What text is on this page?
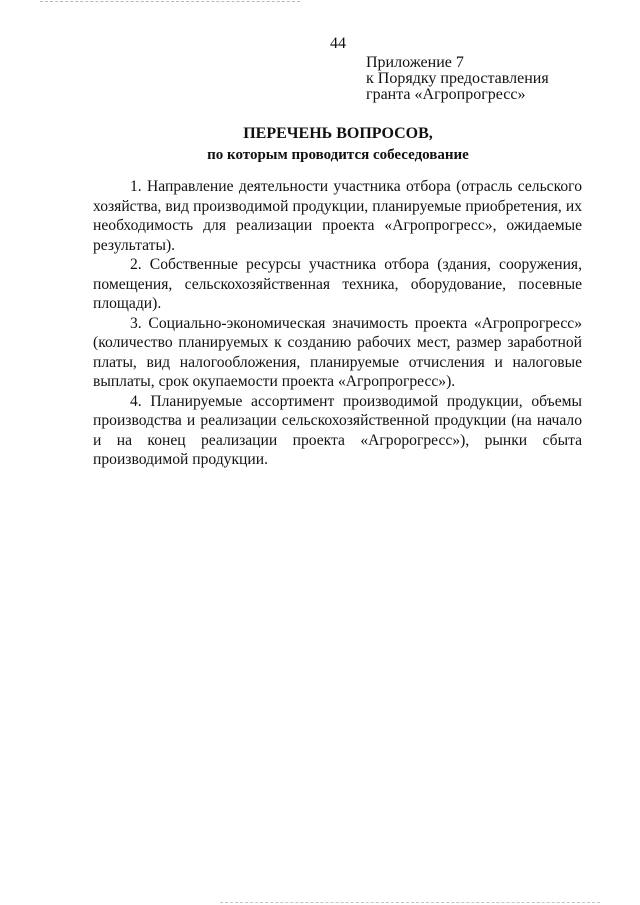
44
Приложение 7
к Порядку предоставления
гранта «Агропрогресс»
ПЕРЕЧЕНЬ ВОПРОСОВ,
по которым проводится собеседование

1. Направление деятельности участника отбора (отрасль сельского хозяйства, вид производимой продукции, планируемые приобретения, их необходимость для реализации проекта «Агропрогресс», ожидаемые результаты).

2. Собственные ресурсы участника отбора (здания, сооружения, помещения, сельскохозяйственная техника, оборудование, посевные площади).

3. Социально-экономическая значимость проекта «Агропрогресс» (количество планируемых к созданию рабочих мест, размер заработной платы, вид налогообложения, планируемые отчисления и налоговые выплаты, срок окупаемости проекта «Агропрогресс»).

4. Планируемые ассортимент производимой продукции, объемы производства и реализации сельскохозяйственной продукции (на начало и на конец реализации проекта «Агророгресс»), рынки сбыта производимой продукции.
